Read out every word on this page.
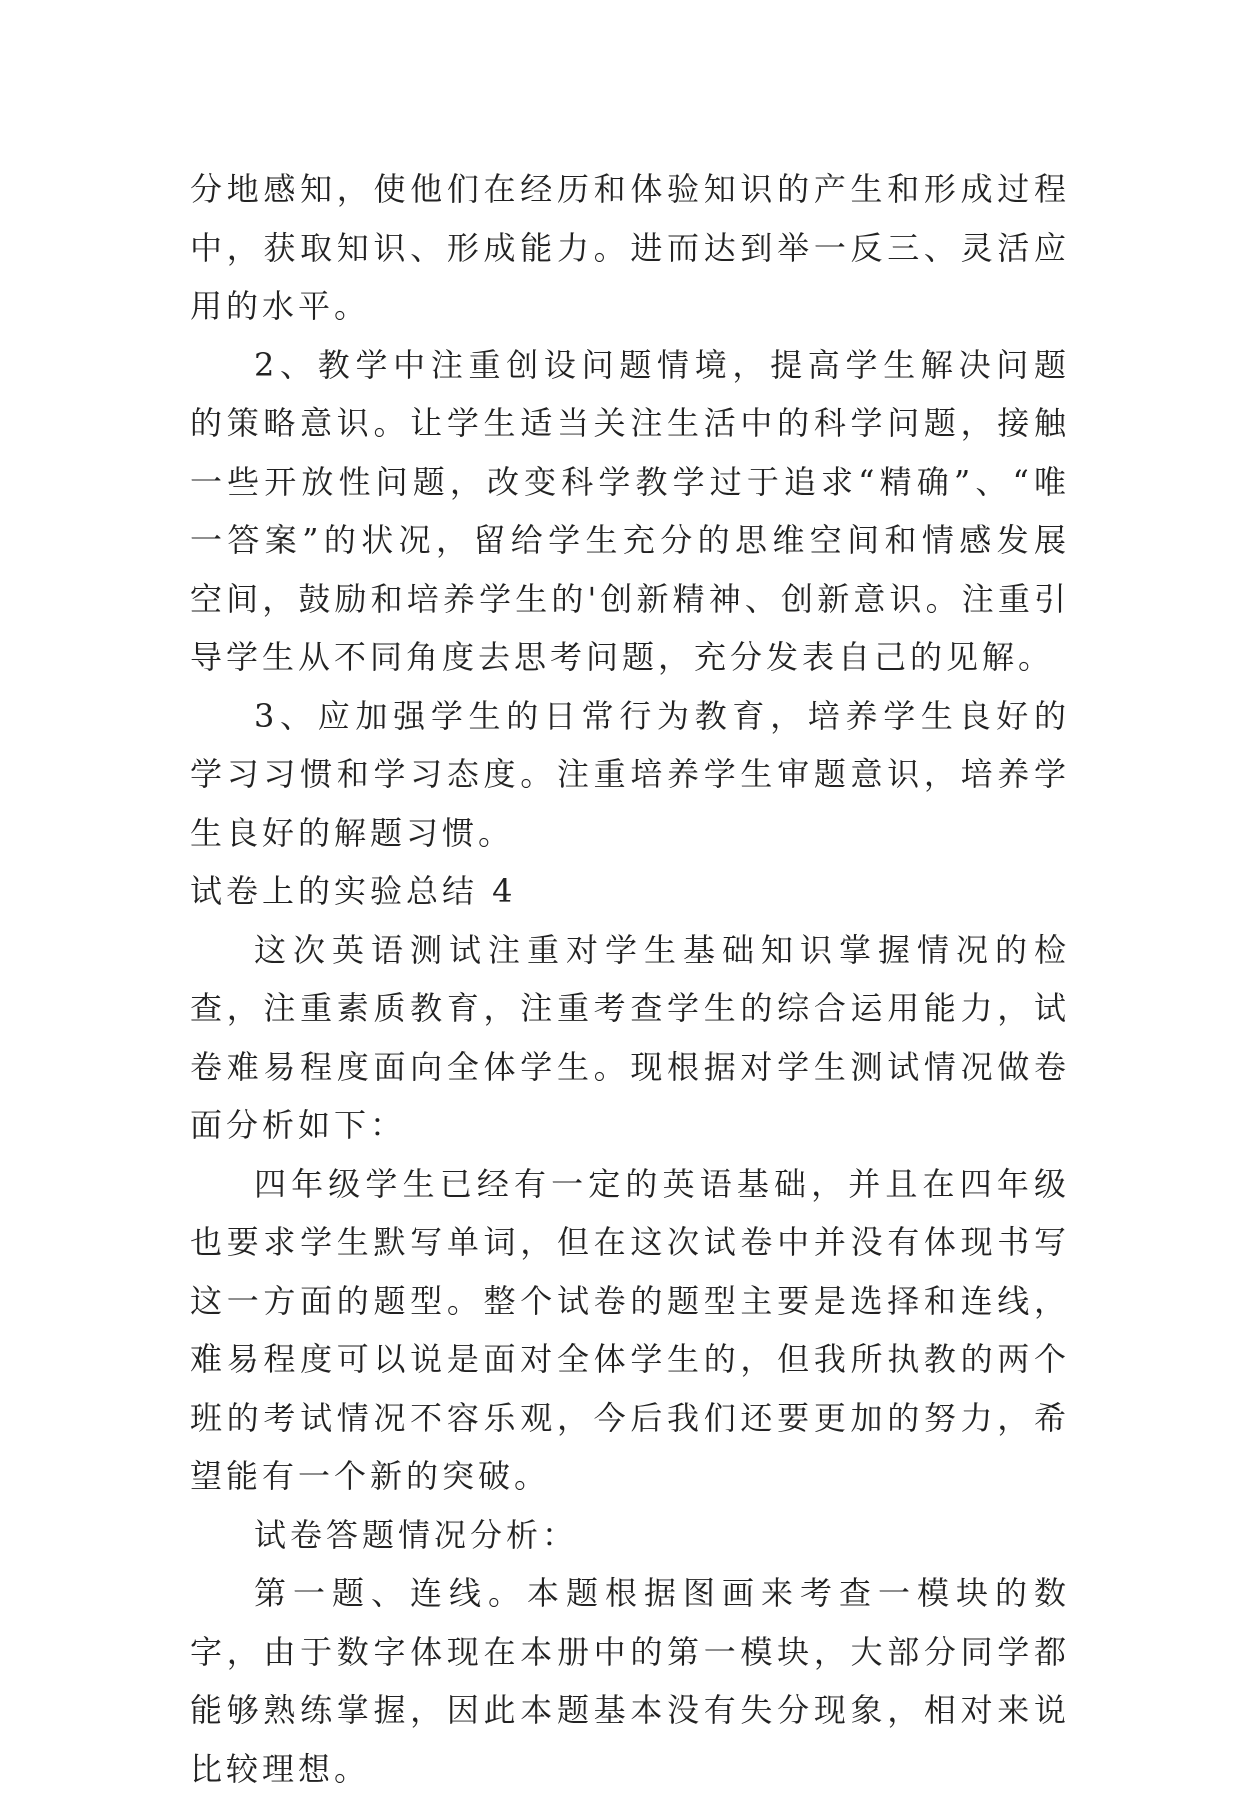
分地感知，使他们在经历和体验知识的产生和形成过程中，获取知识、形成能力。进而达到举一反三、灵活应用的水平。

2、教学中注重创设问题情境，提高学生解决问题的策略意识。让学生适当关注生活中的科学问题，接触一些开放性问题，改变科学教学过于追求“精确”、“唯一答案”的状况，留给学生充分的思维空间和情感发展空间，鼓励和培养学生的'创新精神、创新意识。注重引导学生从不同角度去思考问题，充分发表自己的见解。

3、应加强学生的日常行为教育，培养学生良好的学习习惯和学习态度。注重培养学生审题意识，培养学生良好的解题习惯。

试卷上的实验总结 4

这次英语测试注重对学生基础知识掌握情况的检查，注重素质教育，注重考查学生的综合运用能力，试卷难易程度面向全体学生。现根据对学生测试情况做卷面分析如下：

四年级学生已经有一定的英语基础，并且在四年级也要求学生默写单词，但在这次试卷中并没有体现书写这一方面的题型。整个试卷的题型主要是选择和连线，难易程度可以说是面对全体学生的，但我所执教的两个班的考试情况不容乐观，今后我们还要更加的努力，希望能有一个新的突破。

试卷答题情况分析：

第一题、连线。本题根据图画来考查一模块的数字，由于数字体现在本册中的第一模块，大部分同学都能够熟练掌握，因此本题基本没有失分现象，相对来说比较理想。
